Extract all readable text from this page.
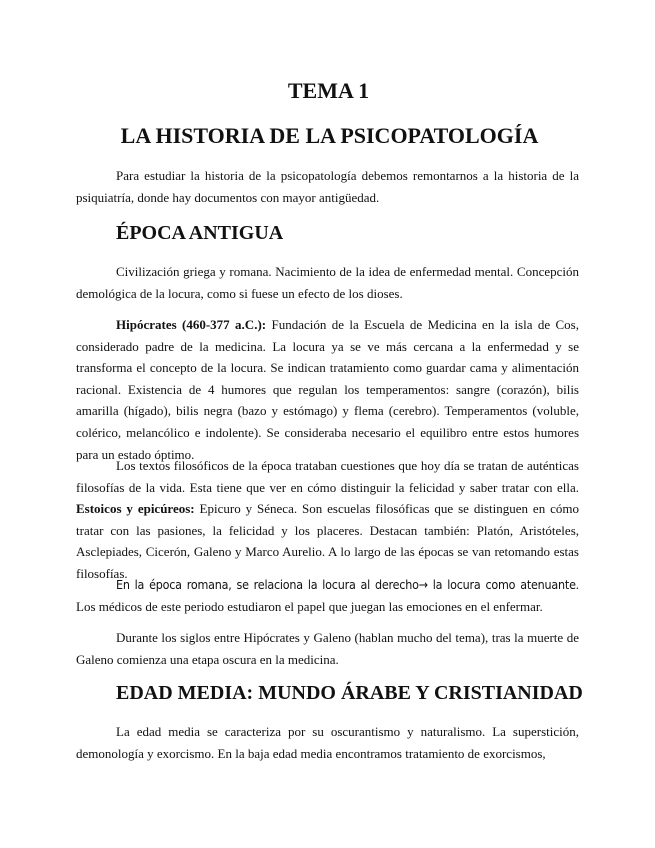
TEMA 1
LA HISTORIA DE LA PSICOPATOLOGÍA

Para estudiar la historia de la psicopatología debemos remontarnos a la historia de la psiquiatría, donde hay documentos con mayor antigüedad.

ÉPOCA ANTIGUA

Civilización griega y romana. Nacimiento de la idea de enfermedad mental. Concepción demológica de la locura, como si fuese un efecto de los dioses.

Hipócrates (460-377 a.C.): Fundación de la Escuela de Medicina en la isla de Cos, considerado padre de la medicina. La locura ya se ve más cercana a la enfermedad y se transforma el concepto de la locura. Se indican tratamiento como guardar cama y alimentación racional. Existencia de 4 humores que regulan los temperamentos: sangre (corazón), bilis amarilla (hígado), bilis negra (bazo y estómago) y flema (cerebro). Temperamentos (voluble, colérico, melancólico e indolente). Se consideraba necesario el equilibro entre estos humores para un estado óptimo.

Los textos filosóficos de la época trataban cuestiones que hoy día se tratan de auténticas filosofías de la vida. Esta tiene que ver en cómo distinguir la felicidad y saber tratar con ella. Estoicos y epicúreos: Epicuro y Séneca. Son escuelas filosóficas que se distinguen en cómo tratar con las pasiones, la felicidad y los placeres. Destacan también: Platón, Aristóteles, Asclepiades, Cicerón, Galeno y Marco Aurelio. A lo largo de las épocas se van retomando estas filosofías.

En la época romana, se relaciona la locura al derecho→ la locura como atenuante. Los médicos de este periodo estudiaron el papel que juegan las emociones en el enfermar.

Durante los siglos entre Hipócrates y Galeno (hablan mucho del tema), tras la muerte de Galeno comienza una etapa oscura en la medicina.

EDAD MEDIA: MUNDO ÁRABE Y CRISTIANIDAD

La edad media se caracteriza por su oscurantismo y naturalismo. La superstición, demonología y exorcismo. En la baja edad media encontramos tratamiento de exorcismos,
